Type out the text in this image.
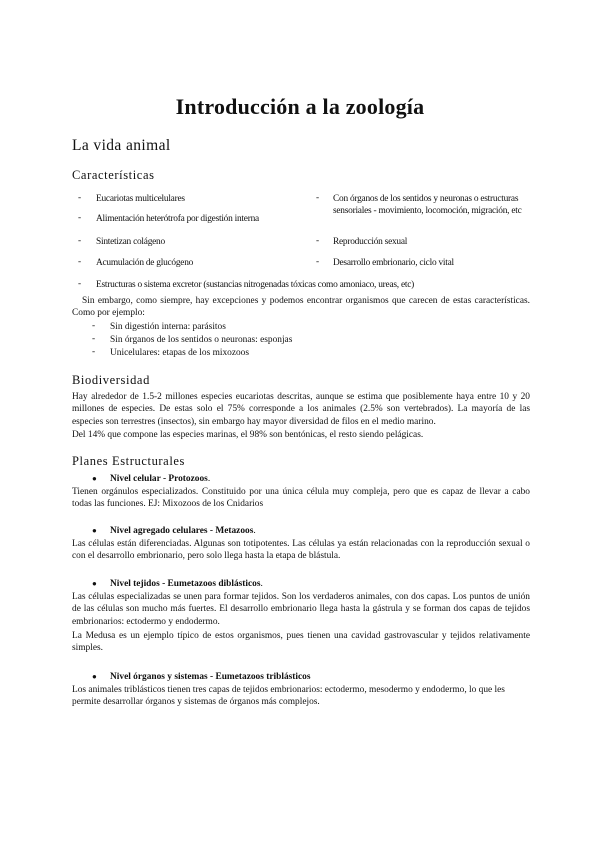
Introducción a la zoología
La vida animal
Características
- Eucariotas multicelulares
- Alimentación heterótrofa por digestión interna
- Sintetizan colágeno
- Acumulación de glucógeno
- Con órganos de los sentidos y neuronas o estructuras sensoriales - movimiento, locomoción, migración, etc
- Reproducción sexual
- Desarrollo embrionario, ciclo vital
- Estructuras o sistema excretor (sustancias nitrogenadas tóxicas como amoniaco, ureas, etc)
Sin embargo, como siempre, hay excepciones y podemos encontrar organismos que carecen de estas características. Como por ejemplo:
- Sin digestión interna: parásitos
- Sin órganos de los sentidos o neuronas: esponjas
- Unicelulares: etapas de los mixozoos
Biodiversidad
Hay alrededor de 1.5-2 millones especies eucariotas descritas, aunque se estima que posiblemente haya entre 10 y 20 millones de especies. De estas solo el 75% corresponde a los animales (2.5% son vertebrados). La mayoría de las especies son terrestres (insectos), sin embargo hay mayor diversidad de filos en el medio marino.
Del 14% que compone las especies marinas, el 98% son bentónicas, el resto siendo pelágicas.
Planes Estructurales
● Nivel celular - Protozoos.
Tienen orgánulos especializados. Constituido por una única célula muy compleja, pero que es capaz de llevar a cabo todas las funciones. EJ: Mixozoos de los Cnidarios
● Nivel agregado celulares - Metazoos.
Las células están diferenciadas. Algunas son totipotentes. Las células ya están relacionadas con la reproducción sexual o con el desarrollo embrionario, pero solo llega hasta la etapa de blástula.
● Nivel tejidos - Eumetazoos diblásticos.
Las células especializadas se unen para formar tejidos. Son los verdaderos animales, con dos capas. Los puntos de unión de las células son mucho más fuertes. El desarrollo embrionario llega hasta la gástrula y se forman dos capas de tejidos embrionarios: ectodermo y endodermo.
La Medusa es un ejemplo típico de estos organismos, pues tienen una cavidad gastrovascular y tejidos relativamente simples.
● Nivel órganos y sistemas - Eumetazoos triblásticos
Los animales triblásticos tienen tres capas de tejidos embrionarios: ectodermo, mesodermo y endodermo, lo que les permite desarrollar órganos y sistemas de órganos más complejos.
